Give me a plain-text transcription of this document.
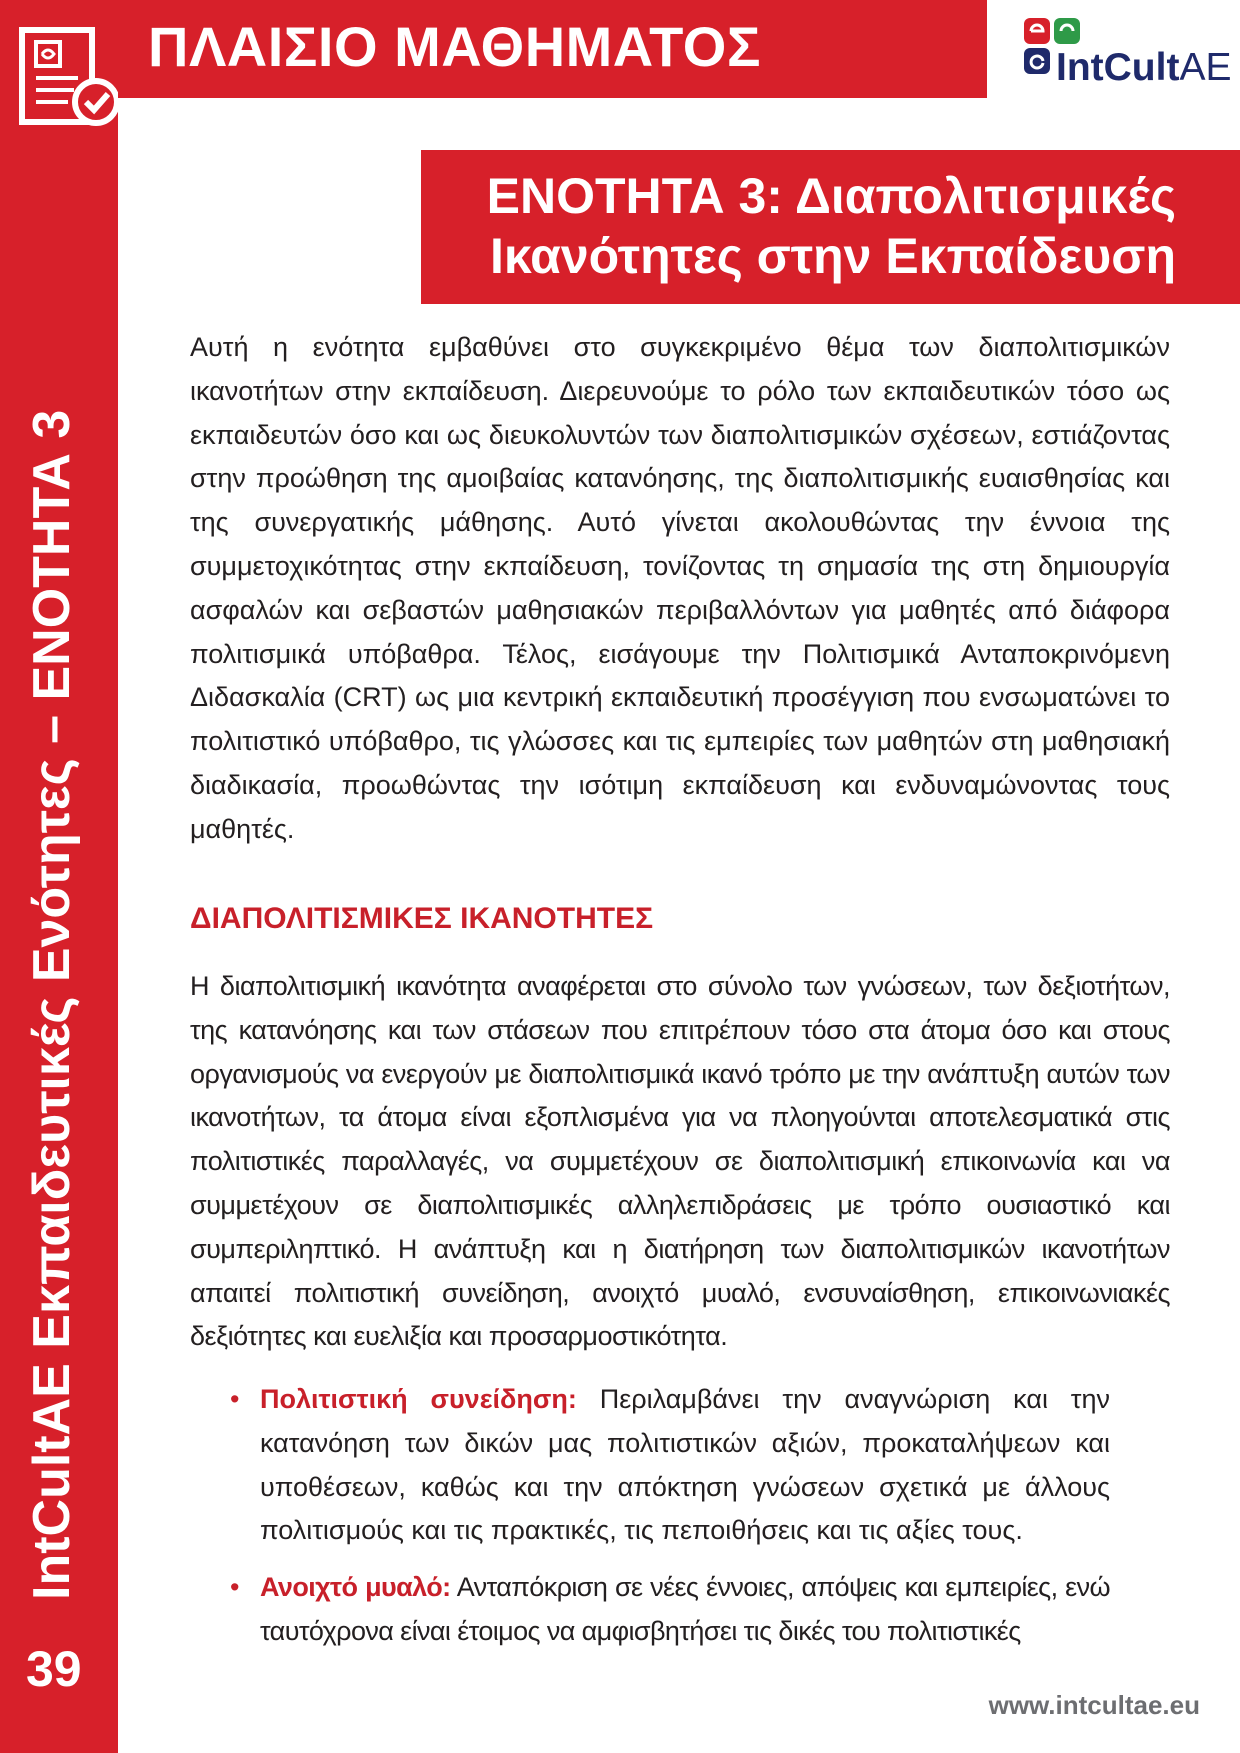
ΠΛΑΙΣΙΟ ΜΑΘΗΜΑΤΟΣ	IntCultAE
IntCultAE Εκπαιδευτικές Ενότητες – ΕΝΟΤΗΤΑ 3
39
ΕΝΟΤΗΤΑ 3: Διαπολιτισμικές
Ικανότητες στην Εκπαίδευση

Αυτή η ενότητα εμβαθύνει στο συγκεκριμένο θέμα των διαπολιτισμικών ικανοτήτων στην εκπαίδευση. Διερευνούμε το ρόλο των εκπαιδευτικών τόσο ως εκπαιδευτών όσο και ως διευκολυντών των διαπολιτισμικών σχέσεων, εστιάζοντας στην προώθηση της αμοιβαίας κατανόησης, της διαπολιτισμικής ευαισθησίας και της συνεργατικής μάθησης. Αυτό γίνεται ακολουθώντας την έννοια της συμμετοχικότητας στην εκπαίδευση, τονίζοντας τη σημασία της στη δημιουργία ασφαλών και σεβαστών μαθησιακών περιβαλλόντων για μαθητές από διάφορα πολιτισμικά υπόβαθρα. Τέλος, εισάγουμε την Πολιτισμικά Ανταποκρινόμενη Διδασκαλία (CRT) ως μια κεντρική εκπαιδευτική προσέγγιση που ενσωματώνει το πολιτιστικό υπόβαθρο, τις γλώσσες και τις εμπειρίες των μαθητών στη μαθησιακή διαδικασία, προωθώντας την ισότιμη εκπαίδευση και ενδυναμώνοντας τους μαθητές.

ΔΙΑΠΟΛΙΤΙΣΜΙΚΕΣ ΙΚΑΝΟΤΗΤΕΣ

Η διαπολιτισμική ικανότητα αναφέρεται στο σύνολο των γνώσεων, των δεξιοτήτων, της κατανόησης και των στάσεων που επιτρέπουν τόσο στα άτομα όσο και στους οργανισμούς να ενεργούν με διαπολιτισμικά ικανό τρόπο με την ανάπτυξη αυτών των ικανοτήτων, τα άτομα είναι εξοπλισμένα για να πλοηγούνται αποτελεσματικά στις πολιτιστικές παραλλαγές, να συμμετέχουν σε διαπολιτισμική επικοινωνία και να συμμετέχουν σε διαπολιτισμικές αλληλεπιδράσεις με τρόπο ουσιαστικό και συμπεριληπτικό. Η ανάπτυξη και η διατήρηση των διαπολιτισμικών ικανοτήτων απαιτεί πολιτιστική συνείδηση, ανοιχτό μυαλό, ενσυναίσθηση, επικοινωνιακές δεξιότητες και ευελιξία και προσαρμοστικότητα.

• Πολιτιστική συνείδηση: Περιλαμβάνει την αναγνώριση και την κατανόηση των δικών μας πολιτιστικών αξιών, προκαταλήψεων και υποθέσεων, καθώς και την απόκτηση γνώσεων σχετικά με άλλους πολιτισμούς και τις πρακτικές, τις πεποιθήσεις και τις αξίες τους.
• Ανοιχτό μυαλό: Ανταπόκριση σε νέες έννοιες, απόψεις και εμπειρίες, ενώ ταυτόχρονα είναι έτοιμος να αμφισβητήσει τις δικές του πολιτιστικές
www.intcultae.eu
